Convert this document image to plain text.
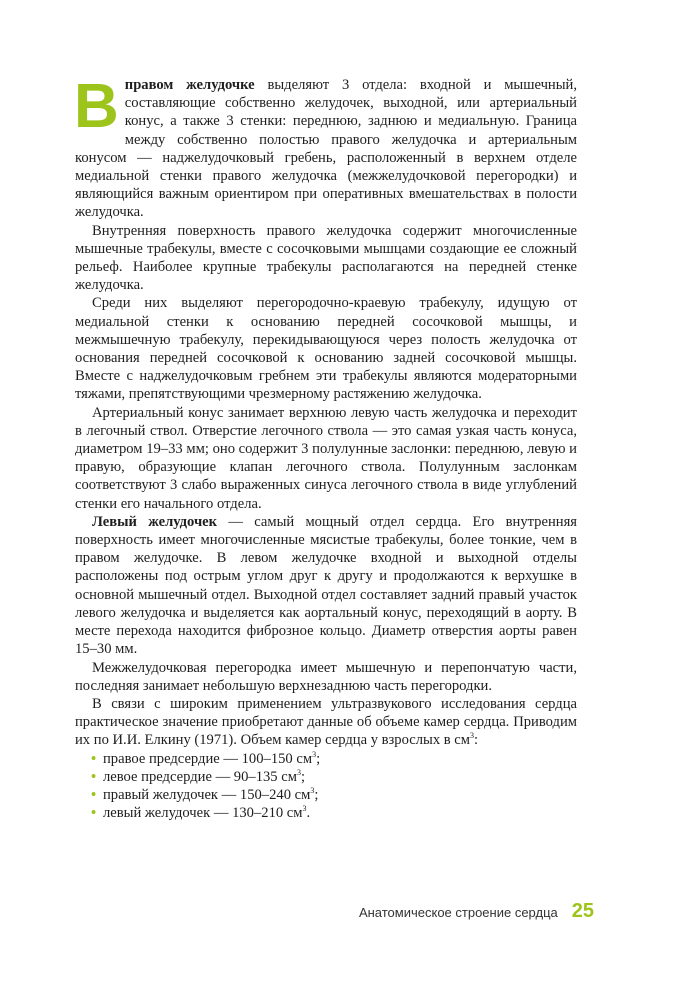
Вправом желудочке выделяют 3 отдела: входной и мышечный, составляющие собственно желудочек, выходной, или артериальный конус, а также 3 стенки: переднюю, заднюю и медиальную. Граница между собственно полостью правого желудочка и артериальным конусом — наджелудочковый гребень, расположенный в верхнем отделе медиальной стенки правого желудочка (межжелудочковой перегородки) и являющийся важным ориентиром при оперативных вмешательствах в полости желудочка.

Внутренняя поверхность правого желудочка содержит многочисленные мышечные трабекулы, вместе с сосочковыми мышцами создающие ее сложный рельеф. Наиболее крупные трабекулы располагаются на передней стенке желудочка.

Среди них выделяют перегородочно-краевую трабекулу, идущую от медиальной стенки к основанию передней сосочковой мышцы, и межмышечную трабекулу, перекидывающуюся через полость желудочка от основания передней сосочковой к основанию задней сосочковой мышцы. Вместе с наджелудочковым гребнем эти трабекулы являются модераторными тяжами, препятствующими чрезмерному растяжению желудочка.

Артериальный конус занимает верхнюю левую часть желудочка и переходит в легочный ствол. Отверстие легочного ствола — это самая узкая часть конуса, диаметром 19–33 мм; оно содержит 3 полулунные заслонки: переднюю, левую и правую, образующие клапан легочного ствола. Полулунным заслонкам соответствуют 3 слабо выраженных синуса легочного ствола в виде углублений стенки его начального отдела.

Левый желудочек — самый мощный отдел сердца. Его внутренняя поверхность имеет многочисленные мясистые трабекулы, более тонкие, чем в правом желудочке. В левом желудочке входной и выходной отделы расположены под острым углом друг к другу и продолжаются к верхушке в основной мышечный отдел. Выходной отдел составляет задний правый участок левого желудочка и выделяется как аортальный конус, переходящий в аорту. В месте перехода находится фиброзное кольцо. Диаметр отверстия аорты равен 15–30 мм.

Межжелудочковая перегородка имеет мышечную и перепончатую части, последняя занимает небольшую верхнезаднюю часть перегородки.

В связи с широким применением ультразвукового исследования сердца практическое значение приобретают данные об объеме камер сердца. Приводим их по И.И. Елкину (1971). Объем камер сердца у взрослых в $см^3$:

• правое предсердие — 100–150 $см^3$;
• левое предсердие — 90–135 $см^3$;
• правый желудочек — 150–240 $см^3$;
• левый желудочек — 130–210 $см^3$.
Анатомическое строение сердца 25
